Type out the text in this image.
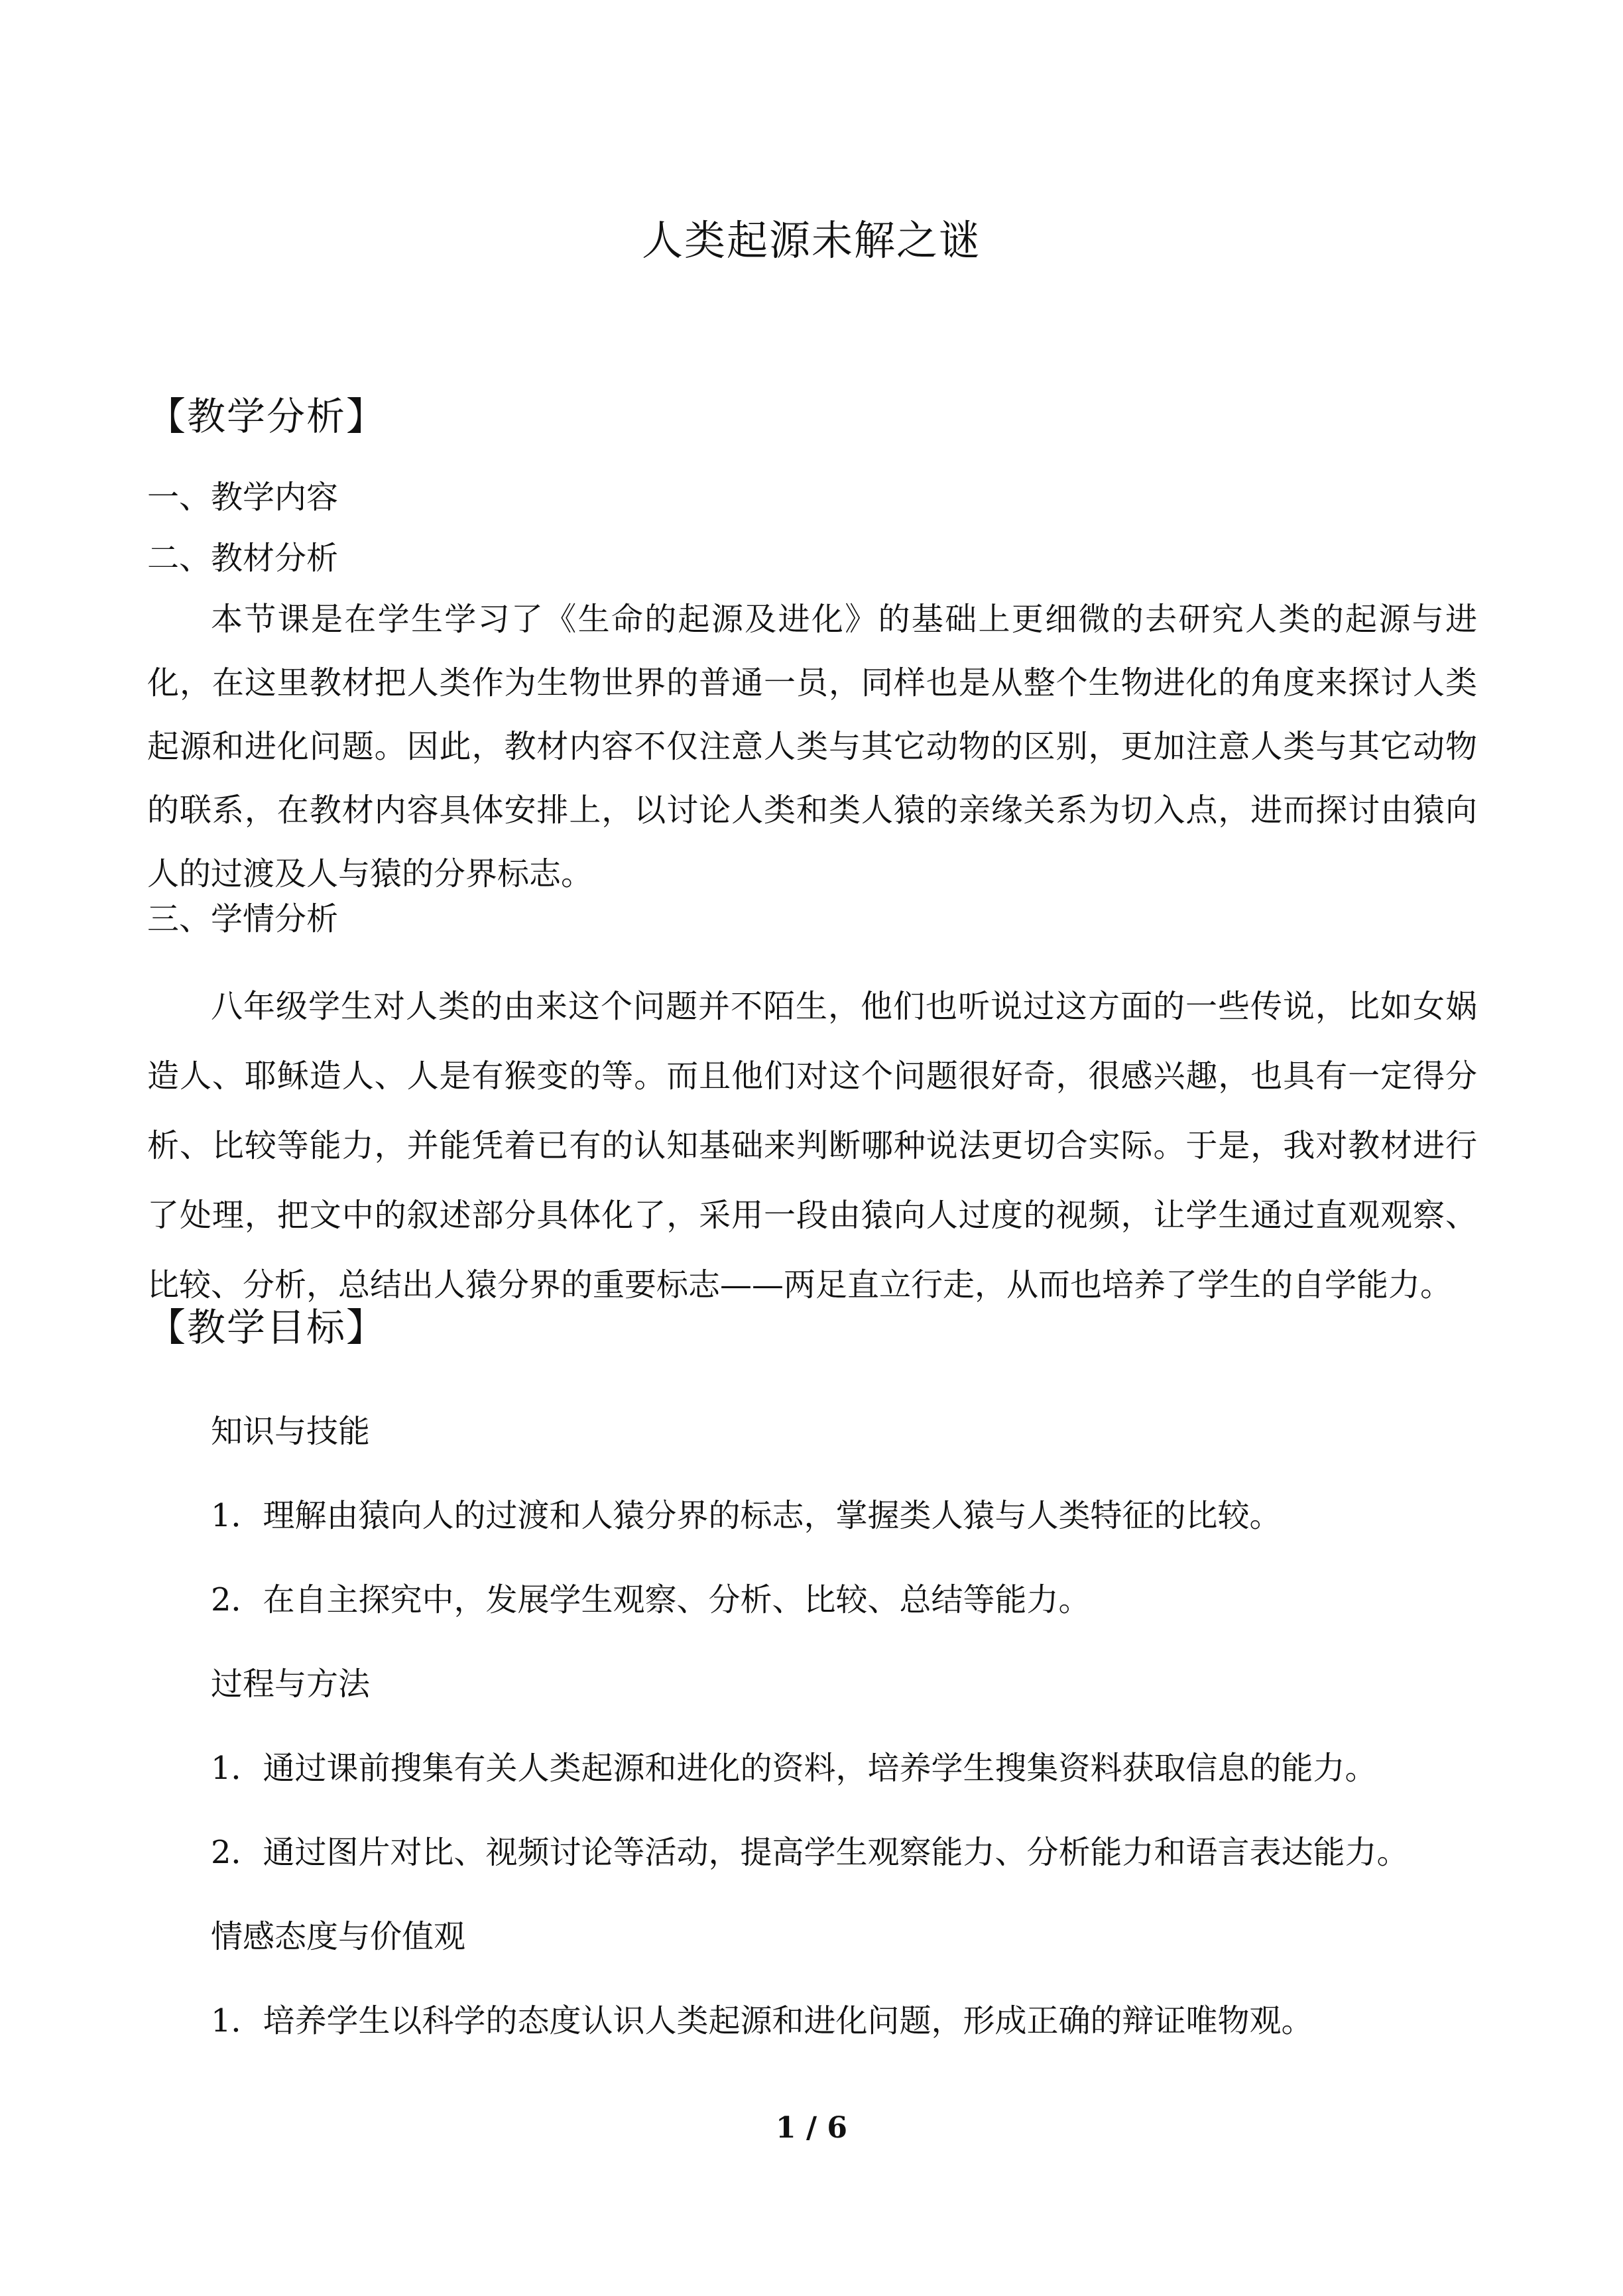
人类起源未解之谜
【教学分析】
一、教学内容
二、教材分析
本节课是在学生学习了《生命的起源及进化》的基础上更细微的去研究人类的起源与进化，在这里教材把人类作为生物世界的普通一员，同样也是从整个生物进化的角度来探讨人类起源和进化问题。因此，教材内容不仅注意人类与其它动物的区别，更加注意人类与其它动物的联系，在教材内容具体安排上，以讨论人类和类人猿的亲缘关系为切入点，进而探讨由猿向人的过渡及人与猿的分界标志。
三、学情分析
八年级学生对人类的由来这个问题并不陌生，他们也听说过这方面的一些传说，比如女娲造人、耶稣造人、人是有猴变的等。而且他们对这个问题很好奇，很感兴趣，也具有一定得分析、比较等能力，并能凭着已有的认知基础来判断哪种说法更切合实际。于是，我对教材进行了处理，把文中的叙述部分具体化了，采用一段由猿向人过度的视频，让学生通过直观观察、比较、分析，总结出人猿分界的重要标志——两足直立行走，从而也培养了学生的自学能力。
【教学目标】
知识与技能
1．理解由猿向人的过渡和人猿分界的标志，掌握类人猿与人类特征的比较。
2．在自主探究中，发展学生观察、分析、比较、总结等能力。
过程与方法
1．通过课前搜集有关人类起源和进化的资料，培养学生搜集资料获取信息的能力。
2．通过图片对比、视频讨论等活动，提高学生观察能力、分析能力和语言表达能力。
情感态度与价值观
1．培养学生以科学的态度认识人类起源和进化问题，形成正确的辩证唯物观。
1 / 6
